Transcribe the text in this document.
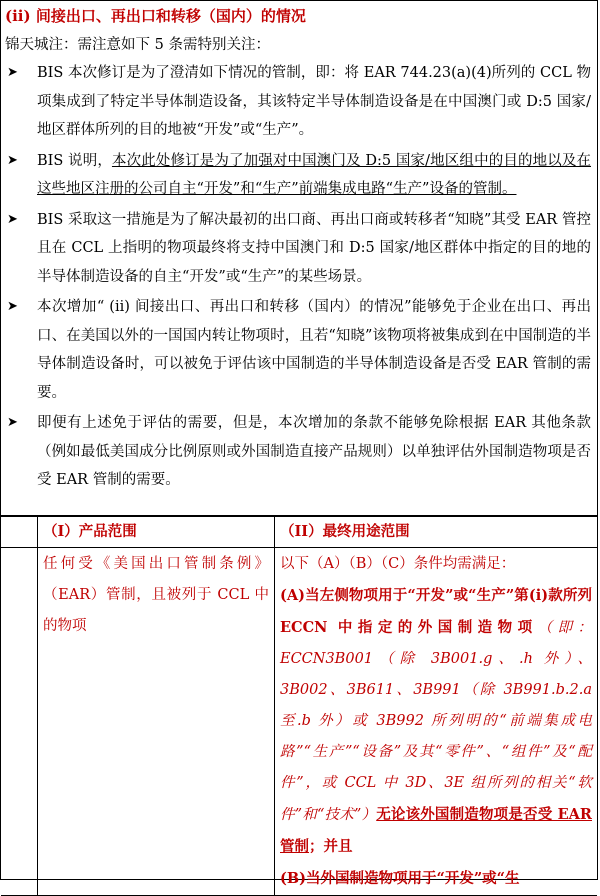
(ii) 间接出口、再出口和转移（国内）的情况
锦天城注：需注意如下 5 条需特别关注：
➤ BIS 本次修订是为了澄清如下情况的管制，即：将 EAR 744.23(a)(4)所列的 CCL 物项集成到了特定半导体制造设备，其该特定半导体制造设备是在中国澳门或 D:5 国家/地区群体所列的目的地被“开发”或“生产”。
➤ BIS 说明，本次此处修订是为了加强对中国澳门及 D:5 国家/地区组中的目的地以及在这些地区注册的公司自主“开发”和“生产”前端集成电路“生产”设备的管制。
➤ BIS 采取这一措施是为了解决最初的出口商、再出口商或转移者“知晓”其受 EAR 管控且在 CCL 上指明的物项最终将支持中国澳门和 D:5 国家/地区群体中指定的目的地的半导体制造设备的自主“开发”或“生产”的某些场景。
➤ 本次增加“ (ii) 间接出口、再出口和转移（国内）的情况”能够免于企业在出口、再出口、在美国以外的一国国内转让物项时，且若“知晓”该物项将被集成到在中国制造的半导体制造设备时，可以被免于评估该中国制造的半导体制造设备是否受 EAR 管制的需要。
➤ 即便有上述免于评估的需要，但是，本次增加的条款不能够免除根据 EAR 其他条款（例如最低美国成分比例原则或外国制造直接产品规则）以单独评估外国制造物项是否受 EAR 管制的需要。
	（I）产品范围	（II）最终用途范围
	任何受《美国出口管制条例》（EAR）管制，且被列于 CCL 中的物项	以下（A）（B）（C）条件均需满足：
(A)当左侧物项用于“开发”或“生产”第(i)款所列 ECCN 中指定的外国制造物项（即：ECCN3B001（除 3B001.g、.h 外）、3B002、3B611、3B991（除 3B991.b.2.a 至.b 外）或 3B992 所列明的“前端集成电路”“生产”“设备”及其“零件”、“组件”及“配件”，或 CCL 中 3D、3E 组所列的相关“软件”和“技术”）无论该外国制造物项是否受 EAR 管制；并且
(B)当外国制造物项用于“开发”或“生
